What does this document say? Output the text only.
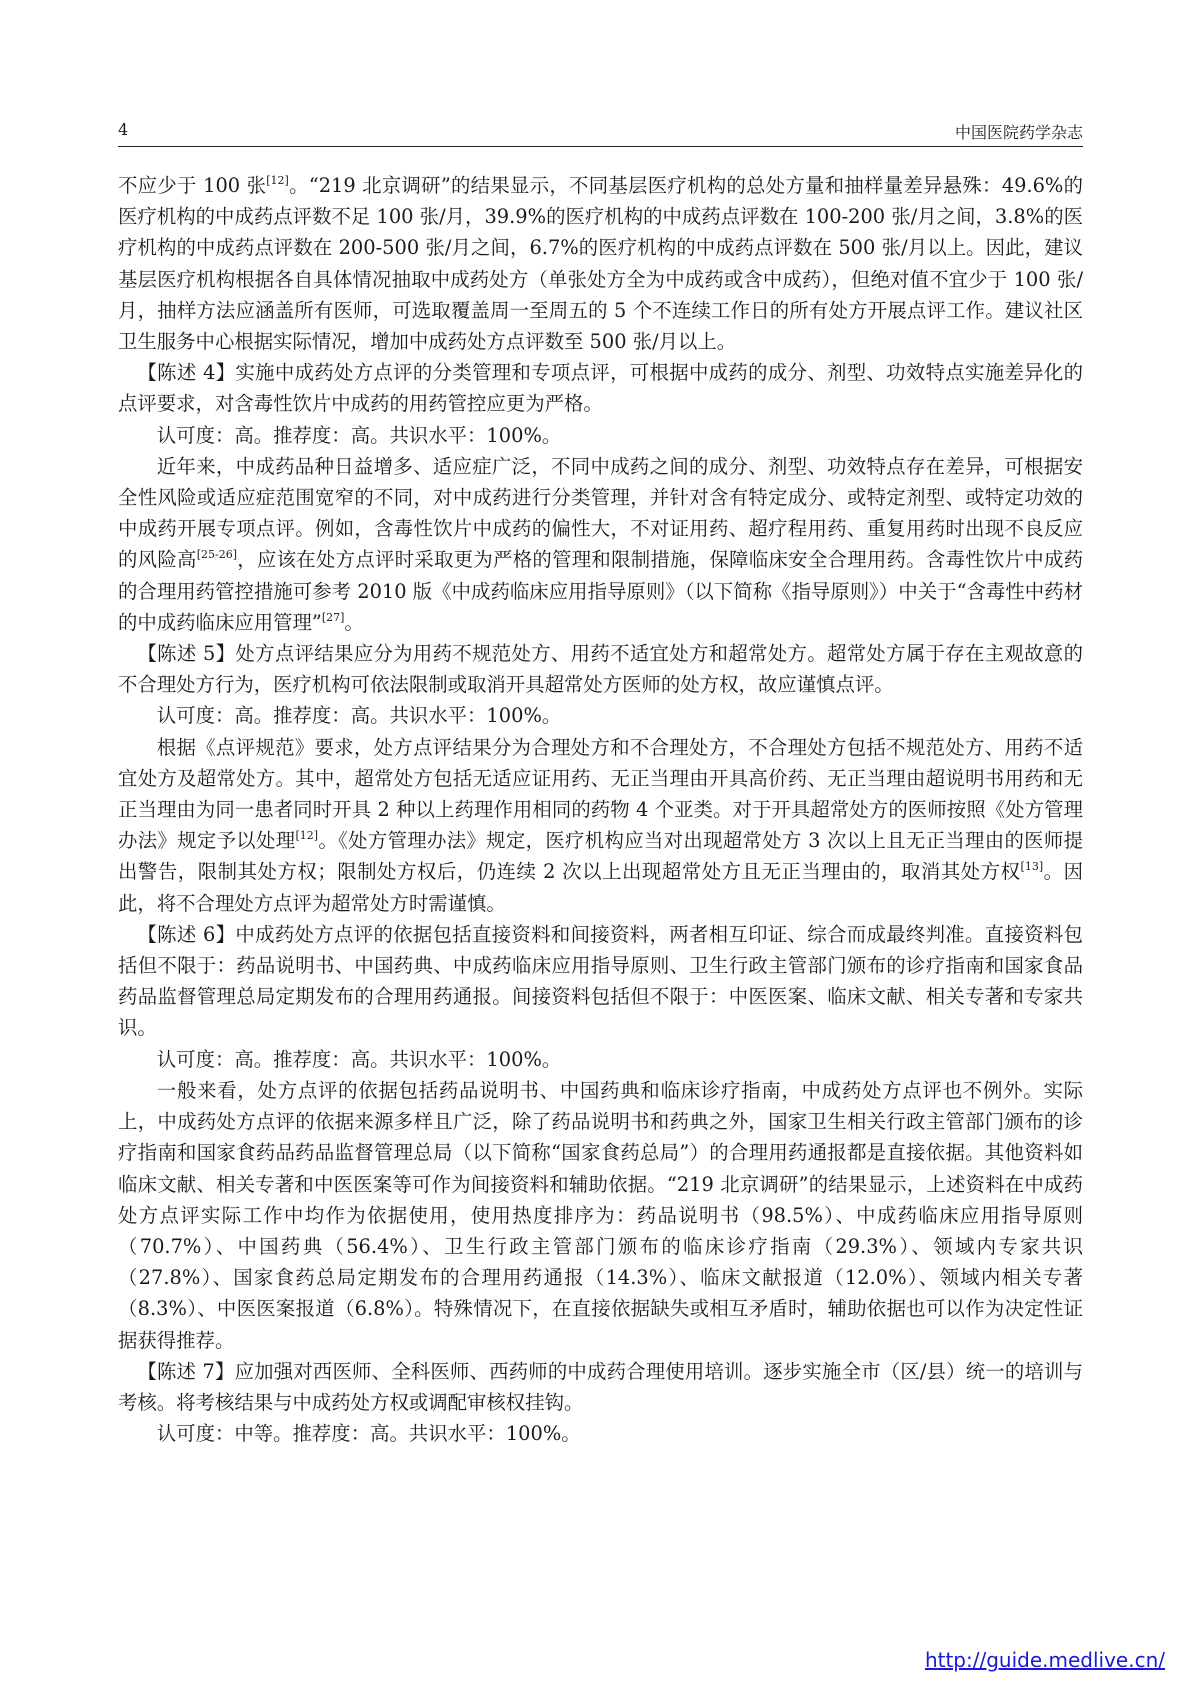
4	中国医院药学杂志

不应少于 100 张[12]。“219 北京调研”的结果显示，不同基层医疗机构的总处方量和抽样量差异悬殊：49.6%的医疗机构的中成药点评数不足 100 张/月，39.9%的医疗机构的中成药点评数在 100-200 张/月之间，3.8%的医疗机构的中成药点评数在 200-500 张/月之间，6.7%的医疗机构的中成药点评数在 500 张/月以上。因此，建议基层医疗机构根据各自具体情况抽取中成药处方（单张处方全为中成药或含中成药），但绝对值不宜少于 100 张/月，抽样方法应涵盖所有医师，可选取覆盖周一至周五的 5 个不连续工作日的所有处方开展点评工作。建议社区卫生服务中心根据实际情况，增加中成药处方点评数至 500 张/月以上。

【陈述 4】实施中成药处方点评的分类管理和专项点评，可根据中成药的成分、剂型、功效特点实施差异化的点评要求，对含毒性饮片中成药的用药管控应更为严格。

认可度：高。推荐度：高。共识水平：100%。

近年来，中成药品种日益增多、适应症广泛，不同中成药之间的成分、剂型、功效特点存在差异，可根据安全性风险或适应症范围宽窄的不同，对中成药进行分类管理，并针对含有特定成分、或特定剂型、或特定功效的中成药开展专项点评。例如，含毒性饮片中成药的偏性大，不对证用药、超疗程用药、重复用药时出现不良反应的风险高[25-26]，应该在处方点评时采取更为严格的管理和限制措施，保障临床安全合理用药。含毒性饮片中成药的合理用药管控措施可参考 2010 版《中成药临床应用指导原则》（以下简称《指导原则》）中关于“含毒性中药材的中成药临床应用管理”[27]。

【陈述 5】处方点评结果应分为用药不规范处方、用药不适宜处方和超常处方。超常处方属于存在主观故意的不合理处方行为，医疗机构可依法限制或取消开具超常处方医师的处方权，故应谨慎点评。

认可度：高。推荐度：高。共识水平：100%。

根据《点评规范》要求，处方点评结果分为合理处方和不合理处方，不合理处方包括不规范处方、用药不适宜处方及超常处方。其中，超常处方包括无适应证用药、无正当理由开具高价药、无正当理由超说明书用药和无正当理由为同一患者同时开具 2 种以上药理作用相同的药物 4 个亚类。对于开具超常处方的医师按照《处方管理办法》规定予以处理[12]。《处方管理办法》规定，医疗机构应当对出现超常处方 3 次以上且无正当理由的医师提出警告，限制其处方权；限制处方权后，仍连续 2 次以上出现超常处方且无正当理由的，取消其处方权[13]。因此，将不合理处方点评为超常处方时需谨慎。

【陈述 6】中成药处方点评的依据包括直接资料和间接资料，两者相互印证、综合而成最终判准。直接资料包括但不限于：药品说明书、中国药典、中成药临床应用指导原则、卫生行政主管部门颁布的诊疗指南和国家食品药品监督管理总局定期发布的合理用药通报。间接资料包括但不限于：中医医案、临床文献、相关专著和专家共识。

认可度：高。推荐度：高。共识水平：100%。

一般来看，处方点评的依据包括药品说明书、中国药典和临床诊疗指南，中成药处方点评也不例外。实际上，中成药处方点评的依据来源多样且广泛，除了药品说明书和药典之外，国家卫生相关行政主管部门颁布的诊疗指南和国家食药品药品监督管理总局（以下简称“国家食药总局”）的合理用药通报都是直接依据。其他资料如临床文献、相关专著和中医医案等可作为间接资料和辅助依据。“219 北京调研”的结果显示，上述资料在中成药处方点评实际工作中均作为依据使用，使用热度排序为：药品说明书（98.5%）、中成药临床应用指导原则（70.7%）、中国药典（56.4%）、卫生行政主管部门颁布的临床诊疗指南（29.3%）、领域内专家共识（27.8%）、国家食药总局定期发布的合理用药通报（14.3%）、临床文献报道（12.0%）、领域内相关专著（8.3%）、中医医案报道（6.8%）。特殊情况下，在直接依据缺失或相互矛盾时，辅助依据也可以作为决定性证据获得推荐。

【陈述 7】应加强对西医师、全科医师、西药师的中成药合理使用培训。逐步实施全市（区/县）统一的培训与考核。将考核结果与中成药处方权或调配审核权挂钩。

认可度：中等。推荐度：高。共识水平：100%。

http://guide.medlive.cn/
